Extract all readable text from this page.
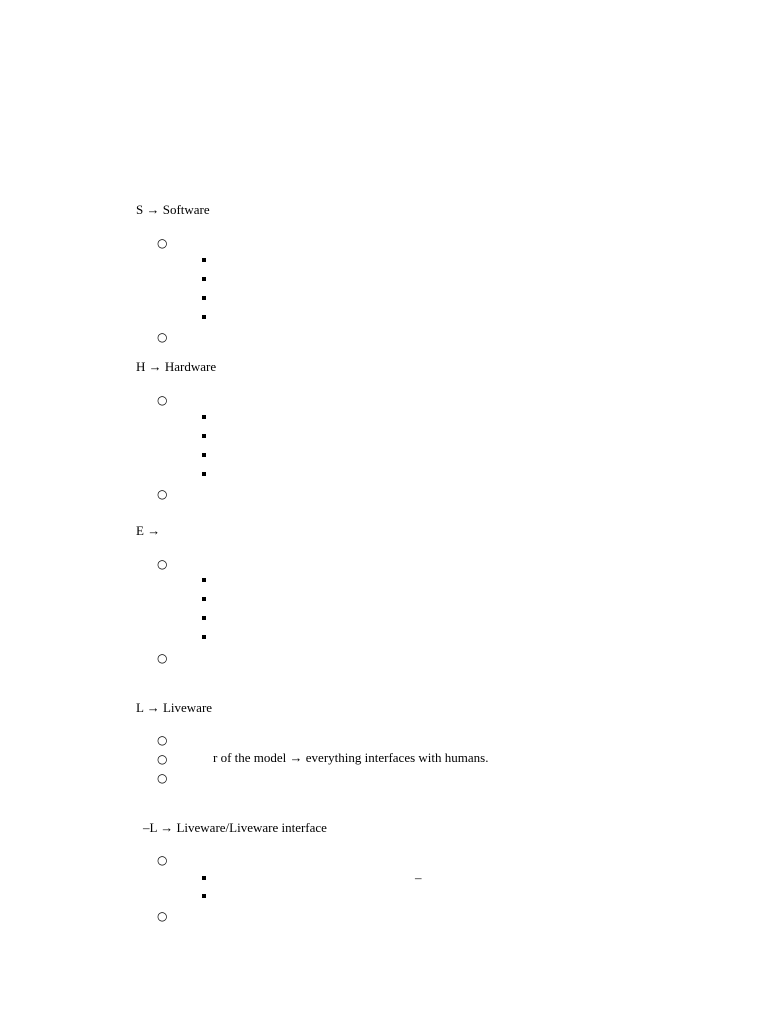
S → Software
○
○
H → Hardware
○
○
E →
○
○
L → Liveware
○
○	r of the model → everything interfaces with humans.
○
–L → Liveware/Liveware interface
○
–
○
